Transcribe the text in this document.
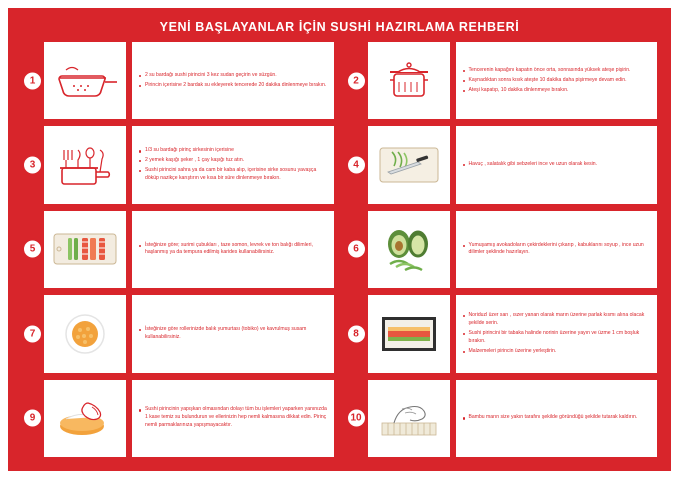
YENİ BAŞLAYANLAR İÇİN SUSHİ HAZIRLAMA REHBERİ
1
2 su bardağı sushi pirincini 3 kez sudan geçirin ve süzgün.
Pirincin içerisine 2 bardak su ekleyerek tencerede 20 dakika dinlenmeye bırakın.	2
Tencerenin kapağını kapatın önce orta, sonrasında yüksek ateşe pişirin.
Kaynadıktan sonra kısık ateşte 10 dakika daha pişirmeye devam edin.
Ateşi kapatıp, 10 dakika dinlenmeye bırakın.
3
1/3 su bardağı pirinç sirkesinin içerisine
2 yemek kaşığı şeker , 1 çay kaşığı tuz atın.
Sushi pirincini sahra ya da cam bir kaba alıp, içerisine sirke sosunu yavaşça döküp nazikçe karıştırın ve kısa bir süre dinlenmeye bırakın.
4	Havuç , salatalık gibi sebzeleri ince ve uzun olarak kesin.
5	İsteğinize göre; surimi çubukları , taze somon, levrek ve ton balığı dilimleri, haşlanmış ya da tempura edilmiş karides kullanabilirsiniz.	6	Yumuşamış avokadoların çekirdeklerini çıkarıp , kabuklarını soyup , ince uzun dilimler şeklinde hazırlayın.
7	İsteğinize göre rollerinizde balık yumurtası (tobiko) ve kavrulmuş susam kullanabilirsiniz.	8
Noriduzl üzer sarı , ıszer yanan olarak marın üzerine parlak kısmı alına olacak şekilde serin.
Sushi pirincini bir tabaka halinde norinin üzerine yayın ve üzme 1 cm boşluk bırakın.
Malzemeleri pirincin üzerine yerleştirin.
9
Sushi pirincinin yapışkan olmasından dolayı tüm bu işlemleri yaparken yanınızda 1 kase temiz su bulundurun ve ellerinizin hep nemli kalmasına dikkat edin. Pirinç nemli parmaklarınıza yapışmayacaktır.
10	Bambu marın size yakın tarafını şekilde göründüğü şekilde tutarak kaldırın.
